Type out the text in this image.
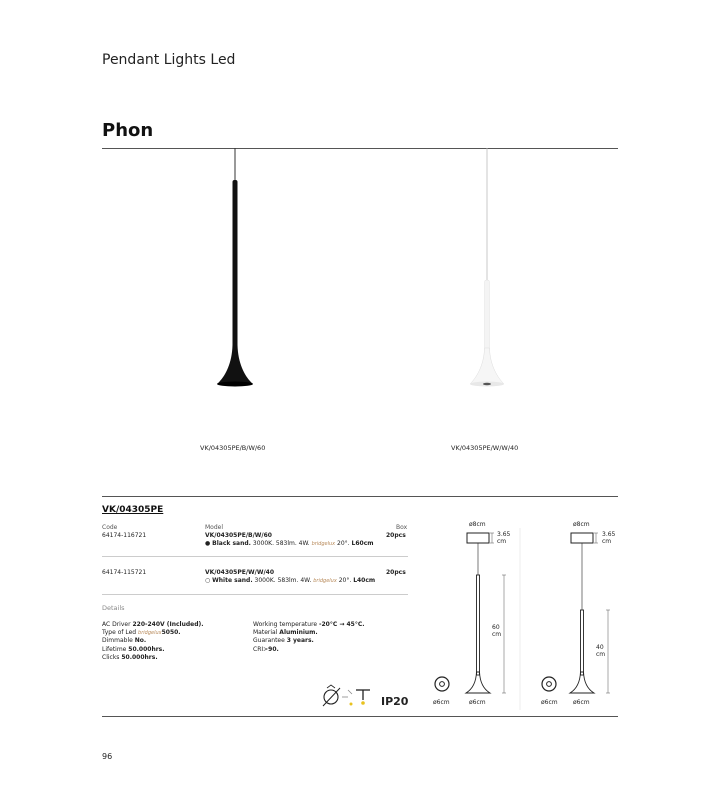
Pendant Lights Led
Phon
VK/04305PE/B/W/60	VK/04305PE/W/W/40
VK/04305PE
Code	Model	Box
64174-116721	VK/04305PE/B/W/60
● Black sand. 3000K. 583lm. 4W. bridgelux 20°. L60cm
20pcs
64174-115721	VK/04305PE/W/W/40
○ White sand. 3000K. 583lm. 4W. bridgelux 20°. L40cm
20pcs
Details
AC Driver 220-240V (Included).
Type of Led bridgelux5050.
Dimmable No.
Lifetime 50.000hrs.
Clicks 50.000hrs.
Working temperature -20°C → 45°C.
Material Aluminium.
Guarantee 3 years.
CRI>90.
IP20
ø8cm
3.65
cm
60
cm
ø6cm	ø6cm
ø8cm
3.65
cm
40
cm
ø6cm	ø6cm
96
